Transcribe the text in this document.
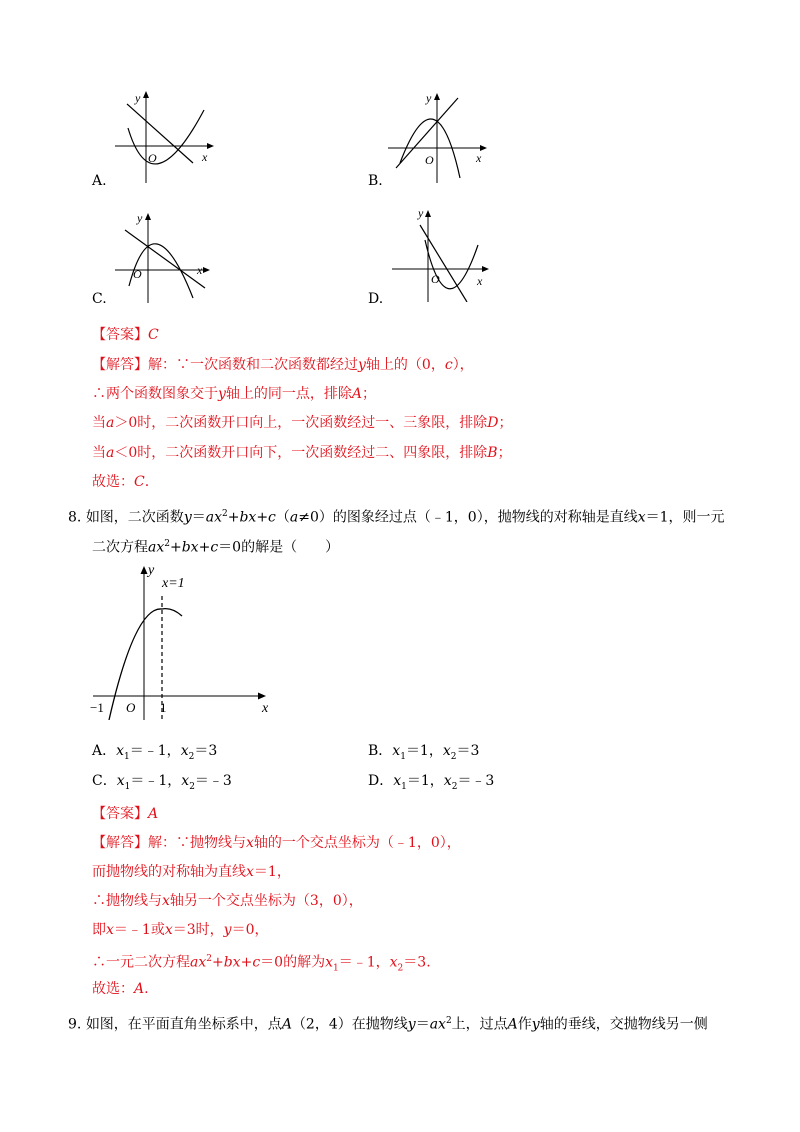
y
x
O
A.
y
x
O
B.
y
x
O
C.
y
x
O
D.
【答案】C
【解答】解：∵一次函数和二次函数都经过y轴上的（0，c），
∴两个函数图象交于y轴上的同一点，排除A；
当a＞0时，二次函数开口向上，一次函数经过一、三象限，排除D；
当a＜0时，二次函数开口向下，一次函数经过二、四象限，排除B；
故选：C.
8. 如图，二次函数$y=ax^2+bx+c(a\ne 0)$的图象经过点（﹣1，0），抛物线的对称轴是直线x＝1，则一元
二次方程$ax^2+bx+c=0$的解是（　　）
y
x
O
−1	1
x=1
A．$x_1=﹣1$，$x_2=3$	B．$x_1=1$，$x_2=3$
C．$x_1=﹣1$，$x_2=﹣3$	D．$x_1=1$，$x_2=﹣3$
【答案】A
【解答】解：∵抛物线与x轴的一个交点坐标为（﹣1，0），
而抛物线的对称轴为直线x＝1，
∴抛物线与x轴另一个交点坐标为（3，0），
即x＝﹣1或x＝3时，y＝0，
∴一元二次方程$ax^2+bx+c=0$的解为$x_1=﹣1$，$x_2=3$.
故选：A.
9. 如图，在平面直角坐标系中，点A（2，4）在抛物线$y=ax^2$上，过点A作y轴的垂线，交抛物线另一侧
